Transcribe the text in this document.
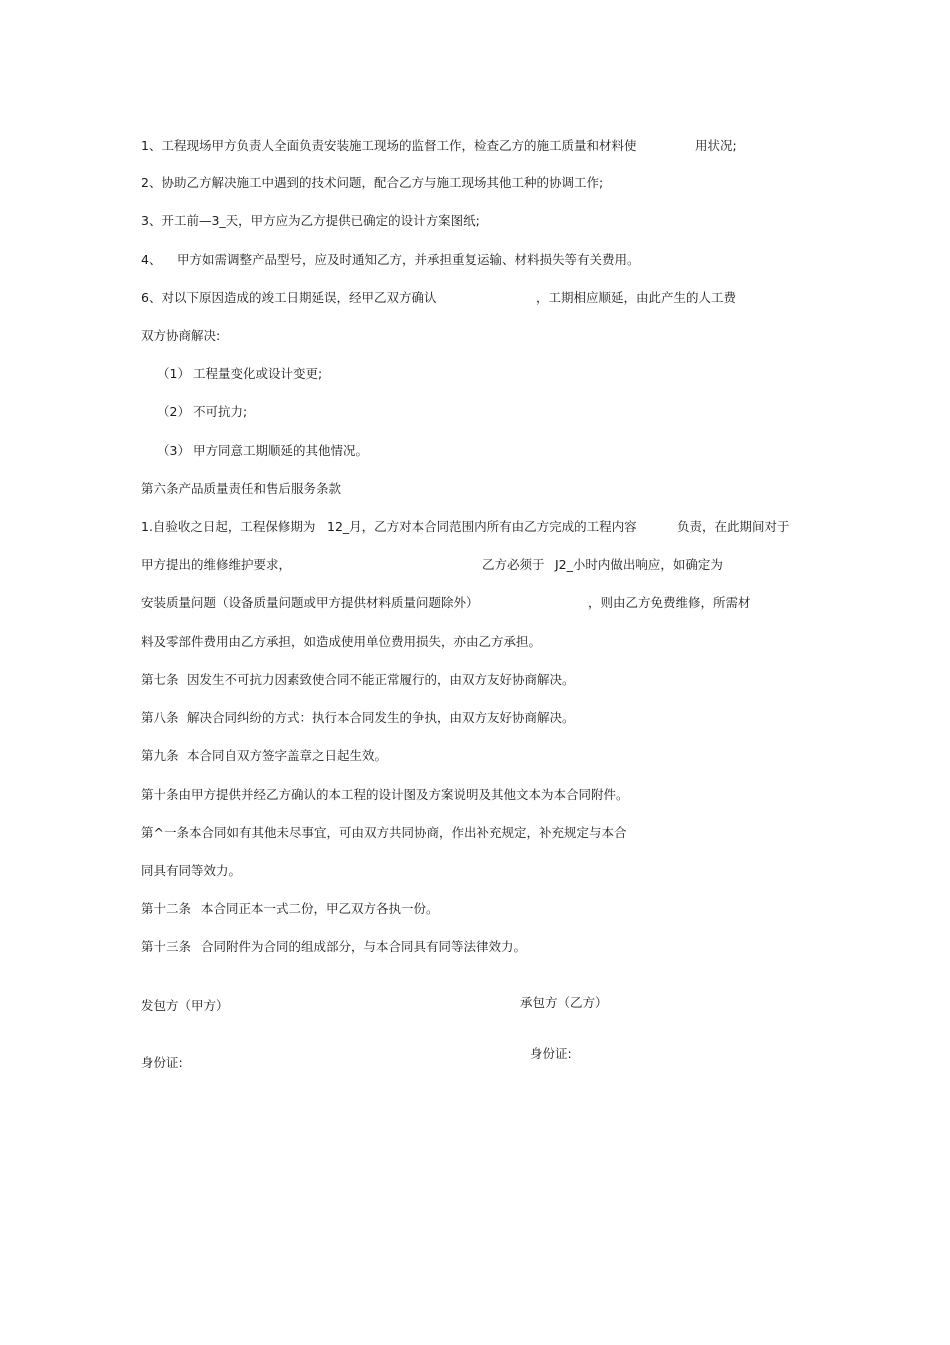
1、工程现场甲方负责人全面负责安装施工现场的监督工作，检查乙方的施工质量和材料使	用状况;
2、协助乙方解决施工中遇到的技术问题，配合乙方与施工现场其他工种的协调工作;
3、开工前—3_天，甲方应为乙方提供已确定的设计方案图纸;
4、 甲方如需调整产品型号，应及时通知乙方，并承担重复运输、材料损失等有关费用。
6、对以下原因造成的竣工日期延误，经甲乙双方确认	，工期相应顺延，由此产生的人工费
双方协商解决:
（1） 工程量变化或设计变更;
（2） 不可抗力;
（3） 甲方同意工期顺延的其他情况。
第六条产品质量责任和售后服务条款
1.自验收之日起，工程保修期为 12_月，乙方对本合同范围内所有由乙方完成的工程内容	负责，在此期间对于
甲方提出的维修维护要求，	乙方必须于 J2_小时内做出响应，如确定为
安装质量问题（设备质量问题或甲方提供材料质量问题除外）	，则由乙方免费维修，所需材
料及零部件费用由乙方承担，如造成使用单位费用损失，亦由乙方承担。
第七条 因发生不可抗力因素致使合同不能正常履行的，由双方友好协商解决。
第八条 解决合同纠纷的方式：执行本合同发生的争执，由双方友好协商解决。
第九条 本合同自双方签字盖章之日起生效。
第十条由甲方提供并经乙方确认的本工程的设计图及方案说明及其他文本为本合同附件。
第^一条本合同如有其他未尽事宜，可由双方共同协商，作出补充规定，补充规定与本合
同具有同等效力。
第十二条 本合同正本一式二份，甲乙双方各执一份。
第十三条 合同附件为合同的组成部分，与本合同具有同等法律效力。
发包方（甲方）	承包方（乙方）
身份证:
身份证:
